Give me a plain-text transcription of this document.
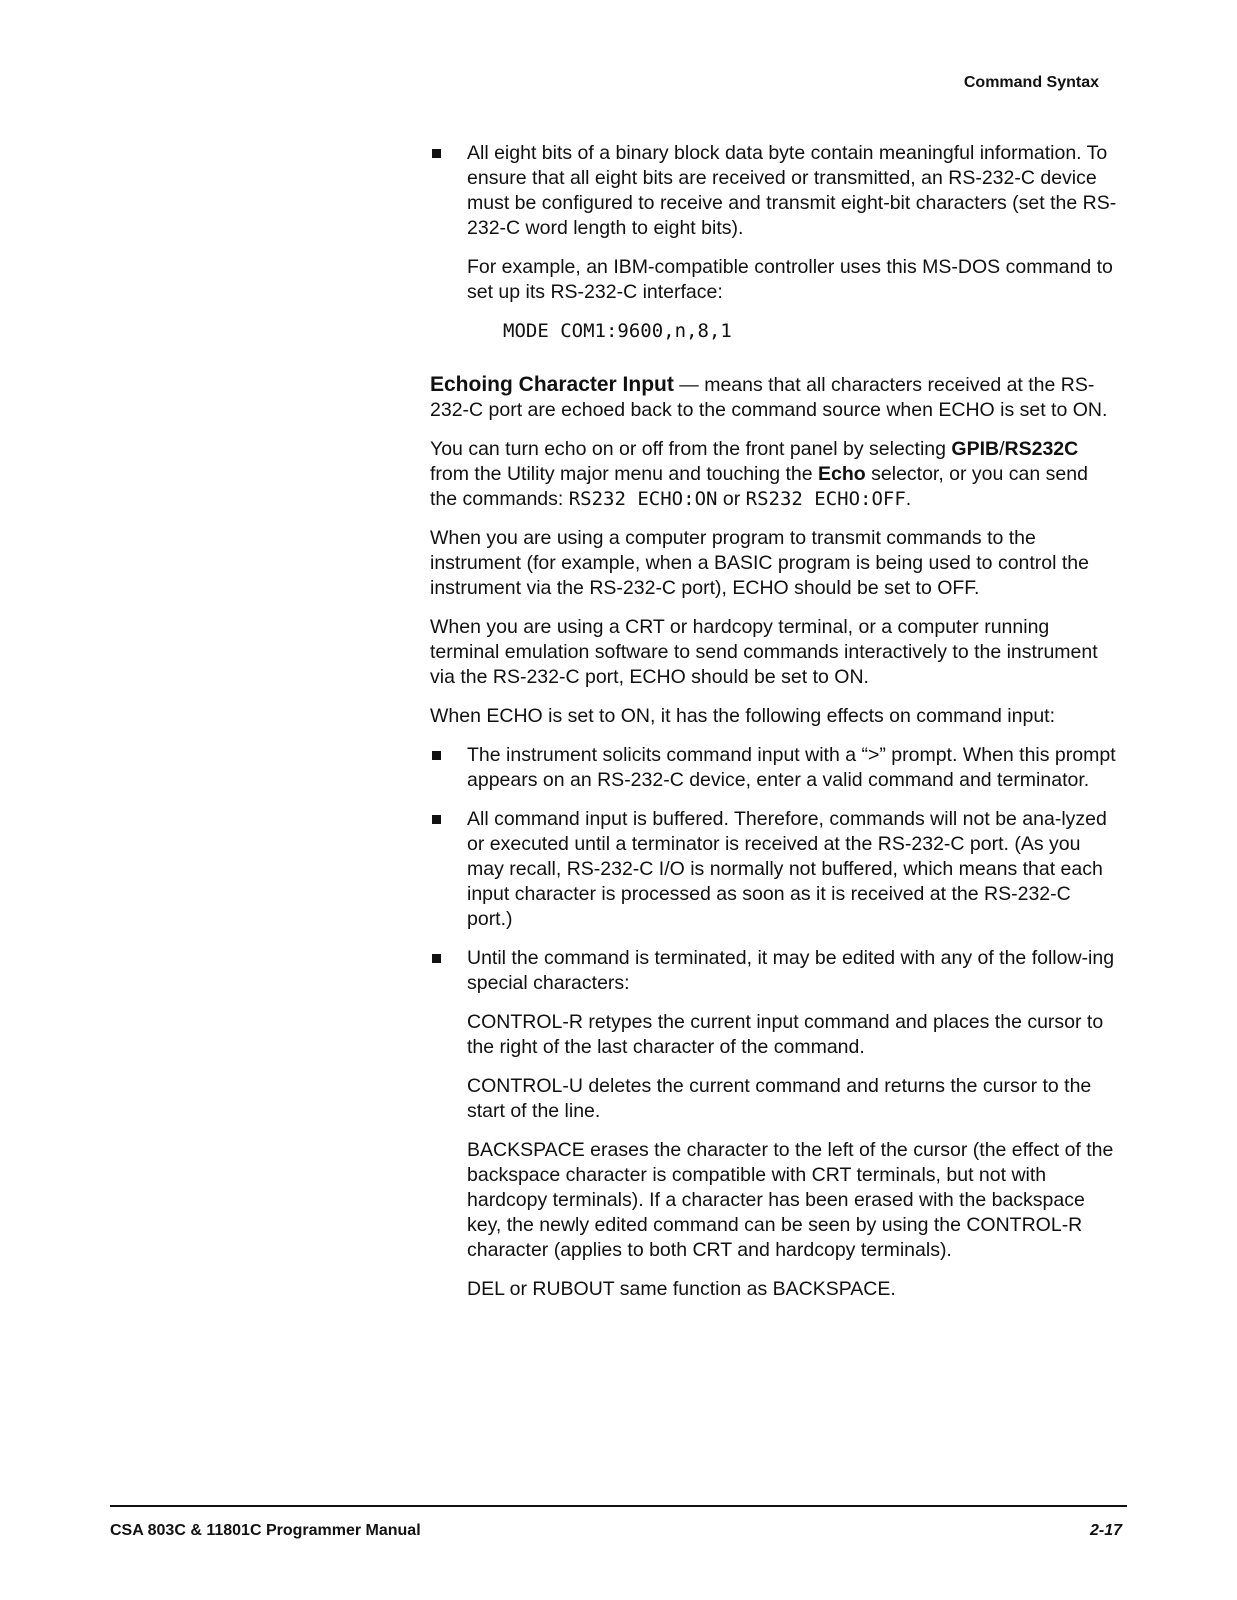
Command Syntax
All eight bits of a binary block data byte contain meaningful information. To ensure that all eight bits are received or transmitted, an RS-232-C device must be configured to receive and transmit eight-bit characters (set the RS-232-C word length to eight bits).

For example, an IBM-compatible controller uses this MS-DOS command to set up its RS-232-C interface:

MODE COM1:9600,n,8,1

Echoing Character Input — means that all characters received at the RS-232-C port are echoed back to the command source when ECHO is set to ON.

You can turn echo on or off from the front panel by selecting GPIB/RS232C from the Utility major menu and touching the Echo selector, or you can send the commands: RS232 ECHO:ON or RS232 ECHO:OFF.

When you are using a computer program to transmit commands to the instrument (for example, when a BASIC program is being used to control the instrument via the RS-232-C port), ECHO should be set to OFF.

When you are using a CRT or hardcopy terminal, or a computer running terminal emulation software to send commands interactively to the instrument via the RS-232-C port, ECHO should be set to ON.

When ECHO is set to ON, it has the following effects on command input:

The instrument solicits command input with a “>” prompt. When this prompt appears on an RS-232-C device, enter a valid command and terminator.
All command input is buffered. Therefore, commands will not be ana-lyzed or executed until a terminator is received at the RS-232-C port. (As you may recall, RS-232-C I/O is normally not buffered, which means that each input character is processed as soon as it is received at the RS-232-C port.)
Until the command is terminated, it may be edited with any of the follow-ing special characters:

CONTROL-R retypes the current input command and places the cursor to the right of the last character of the command.

CONTROL-U deletes the current command and returns the cursor to the start of the line.

BACKSPACE erases the character to the left of the cursor (the effect of the backspace character is compatible with CRT terminals, but not with hardcopy terminals). If a character has been erased with the backspace key, the newly edited command can be seen by using the CONTROL-R character (applies to both CRT and hardcopy terminals).

DEL or RUBOUT same function as BACKSPACE.

CSA 803C & 11801C Programmer Manual	2-17
